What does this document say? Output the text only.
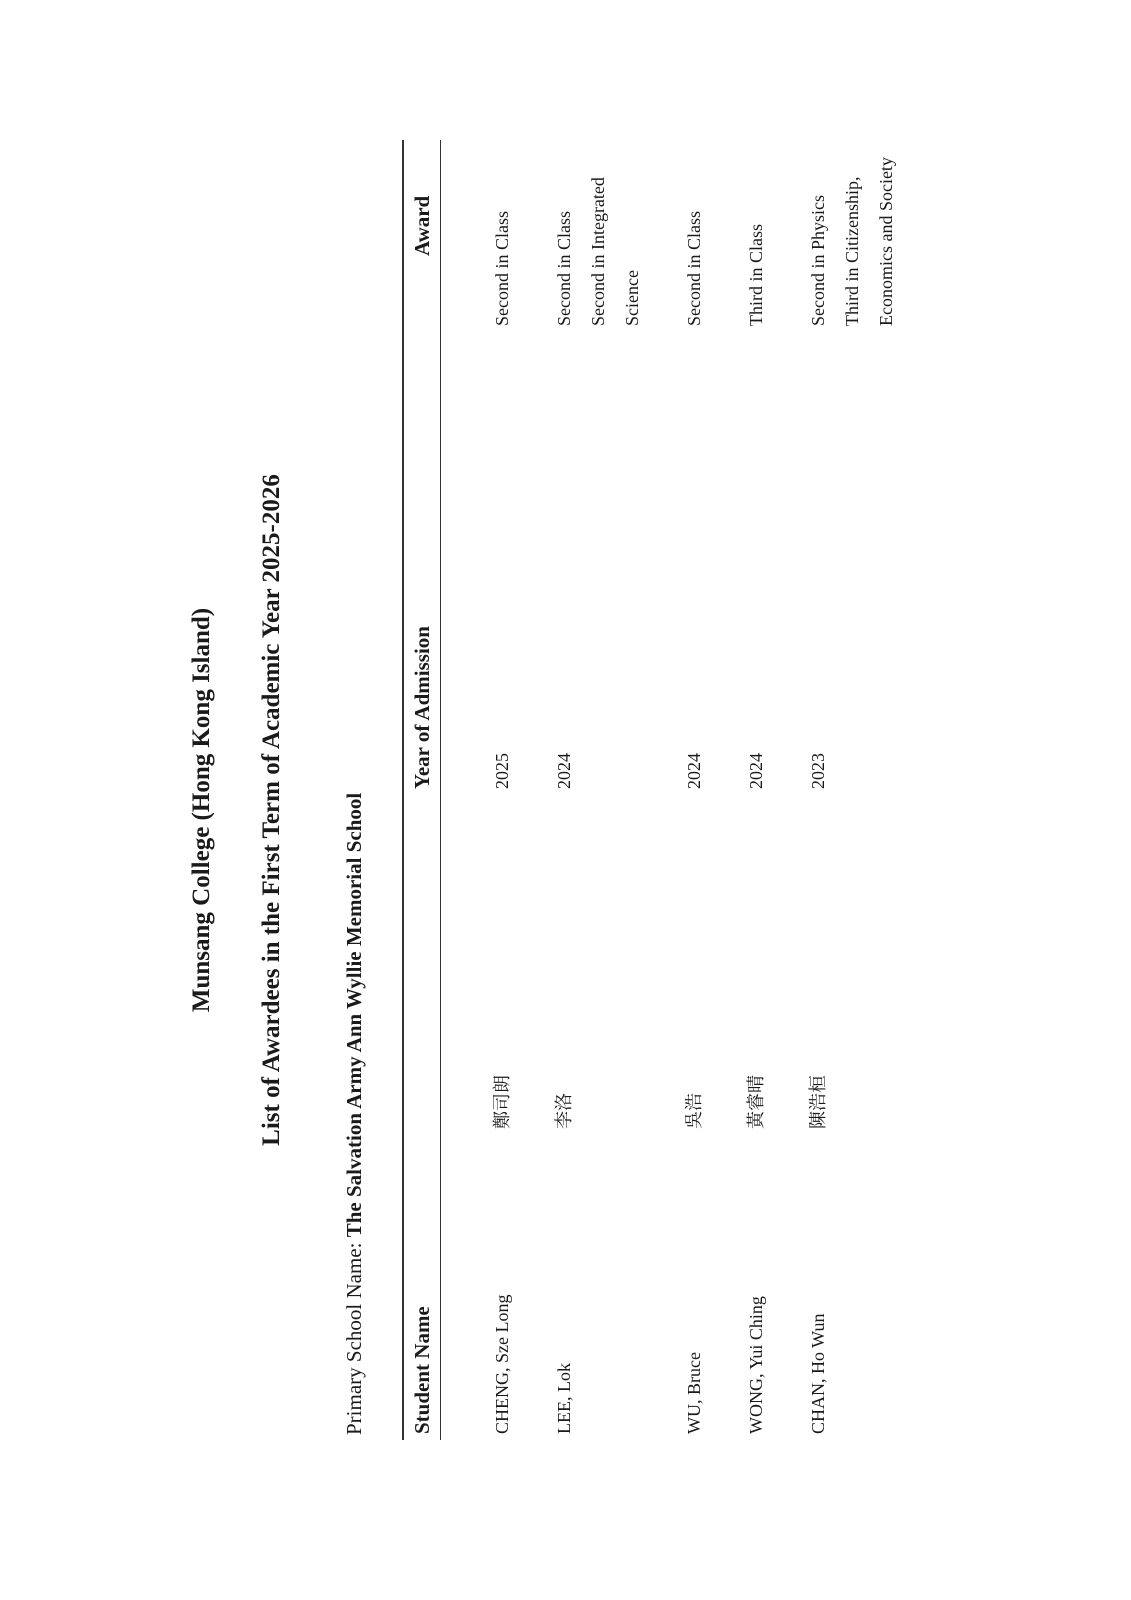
Munsang College (Hong Kong Island) List of Awardees in the First Term of Academic Year 2025-2026
Primary School Name: The Salvation Army Ann Wyllie Memorial School
Student Name		Year of Admission	Award

CHENG, Sze Long	鄭司朗	2025	Second in Class

LEE, Lok	李洛	2024	Second in Class Second in Integrated Science

WU, Bruce	吳浩	2024	Second in Class

WONG, Yui Ching	黃睿晴	2024	Third in Class

CHAN, Ho Wun	陳浩桓	2023	Second in Physics Third in Citizenship, Economics and Society
